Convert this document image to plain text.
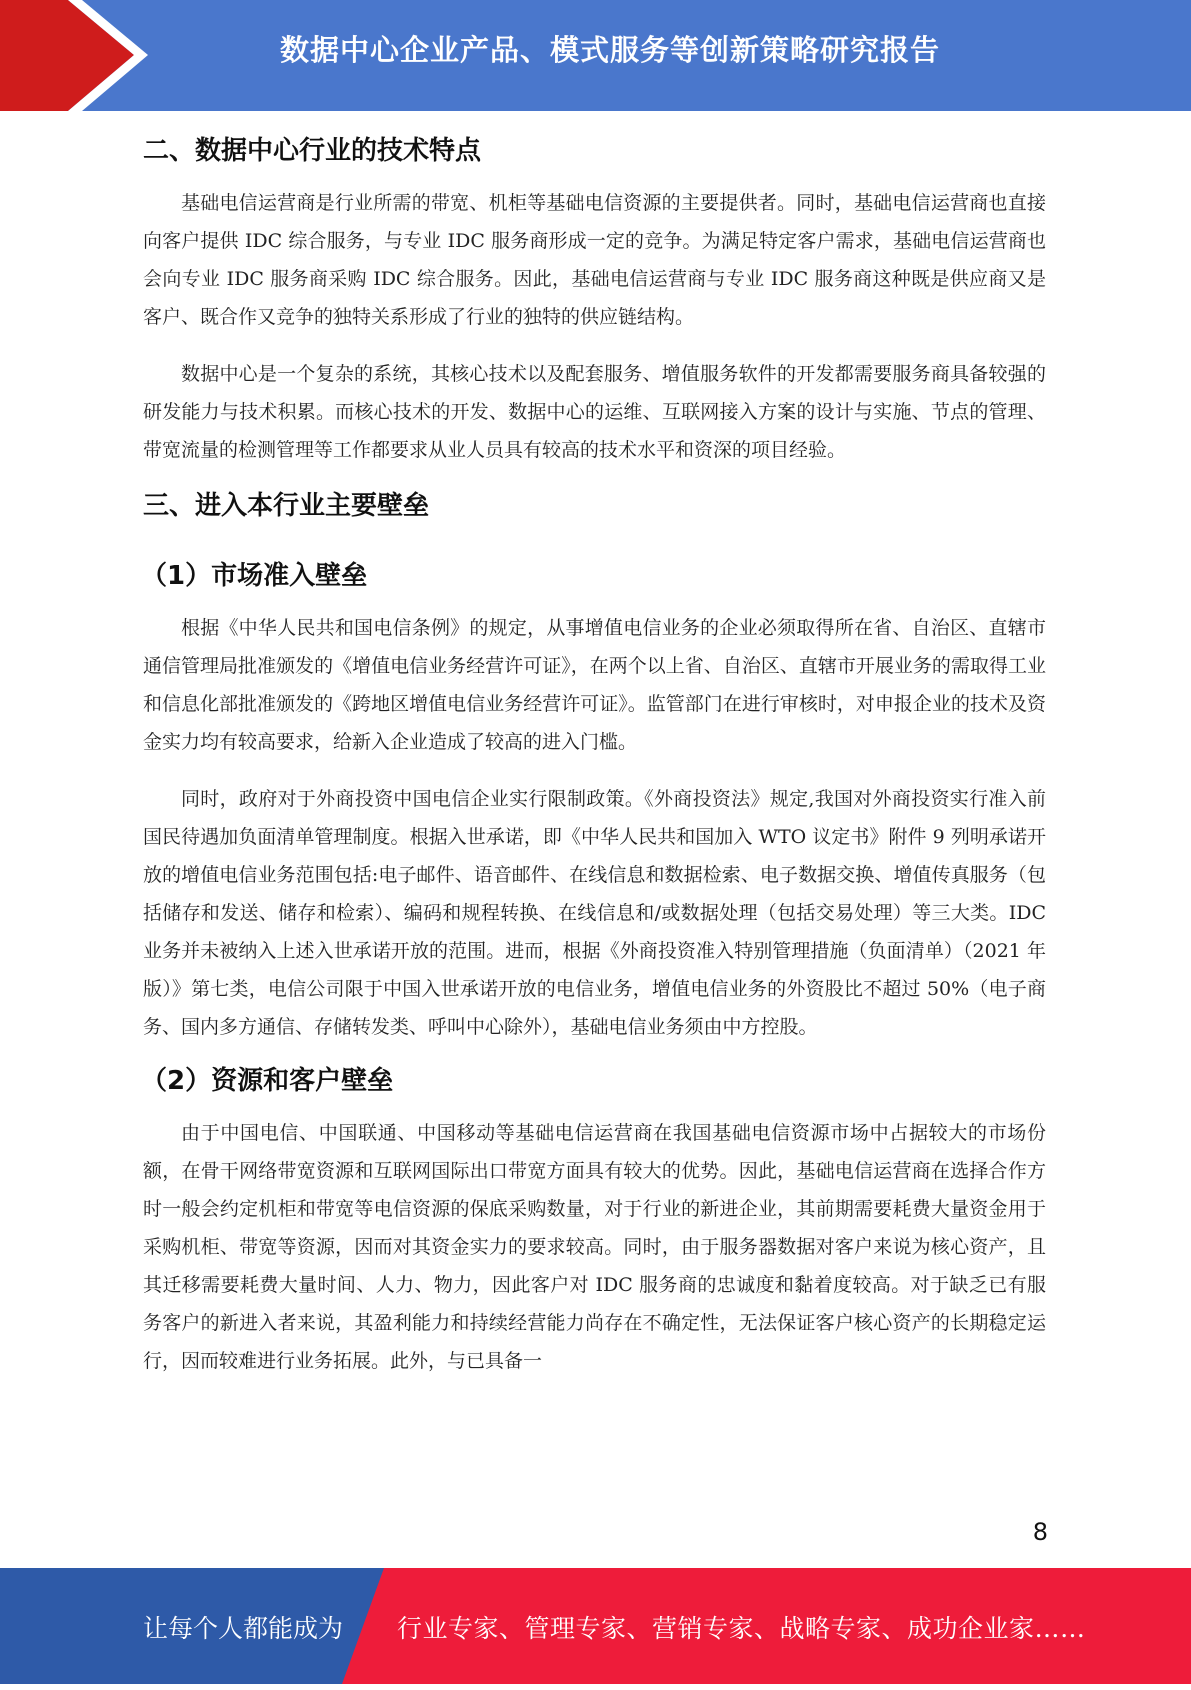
数据中心企业产品、模式服务等创新策略研究报告
二、数据中心行业的技术特点

基础电信运营商是行业所需的带宽、机柜等基础电信资源的主要提供者。同时，基础电信运营商也直接向客户提供 IDC 综合服务，与专业 IDC 服务商形成一定的竞争。为满足特定客户需求，基础电信运营商也会向专业 IDC 服务商采购 IDC 综合服务。因此，基础电信运营商与专业 IDC 服务商这种既是供应商又是客户、既合作又竞争的独特关系形成了行业的独特的供应链结构。

数据中心是一个复杂的系统，其核心技术以及配套服务、增值服务软件的开发都需要服务商具备较强的研发能力与技术积累。而核心技术的开发、数据中心的运维、互联网接入方案的设计与实施、节点的管理、带宽流量的检测管理等工作都要求从业人员具有较高的技术水平和资深的项目经验。

三、进入本行业主要壁垒
（1）市场准入壁垒

根据《中华人民共和国电信条例》的规定，从事增值电信业务的企业必须取得所在省、自治区、直辖市通信管理局批准颁发的《增值电信业务经营许可证》，在两个以上省、自治区、直辖市开展业务的需取得工业和信息化部批准颁发的《跨地区增值电信业务经营许可证》。监管部门在进行审核时，对申报企业的技术及资金实力均有较高要求，给新入企业造成了较高的进入门槛。

同时，政府对于外商投资中国电信企业实行限制政策。《外商投资法》规定,我国对外商投资实行准入前国民待遇加负面清单管理制度。根据入世承诺，即《中华人民共和国加入 WTO 议定书》附件 9 列明承诺开放的增值电信业务范围包括:电子邮件、语音邮件、在线信息和数据检索、电子数据交换、增值传真服务（包括储存和发送、储存和检索）、编码和规程转换、在线信息和/或数据处理（包括交易处理）等三大类。IDC 业务并未被纳入上述入世承诺开放的范围。进而，根据《外商投资准入特别管理措施（负面清单）（2021 年版）》第七类，电信公司限于中国入世承诺开放的电信业务，增值电信业务的外资股比不超过 50%（电子商务、国内多方通信、存储转发类、呼叫中心除外），基础电信业务须由中方控股。

（2）资源和客户壁垒

由于中国电信、中国联通、中国移动等基础电信运营商在我国基础电信资源市场中占据较大的市场份额，在骨干网络带宽资源和互联网国际出口带宽方面具有较大的优势。因此，基础电信运营商在选择合作方时一般会约定机柜和带宽等电信资源的保底采购数量，对于行业的新进企业，其前期需要耗费大量资金用于采购机柜、带宽等资源，因而对其资金实力的要求较高。同时，由于服务器数据对客户来说为核心资产，且其迁移需要耗费大量时间、人力、物力，因此客户对 IDC 服务商的忠诚度和黏着度较高。对于缺乏已有服务客户的新进入者来说，其盈利能力和持续经营能力尚存在不确定性，无法保证客户核心资产的长期稳定运行，因而较难进行业务拓展。此外，与已具备一

8
让每个人都能成为 行业专家、管理专家、营销专家、战略专家、成功企业家……
